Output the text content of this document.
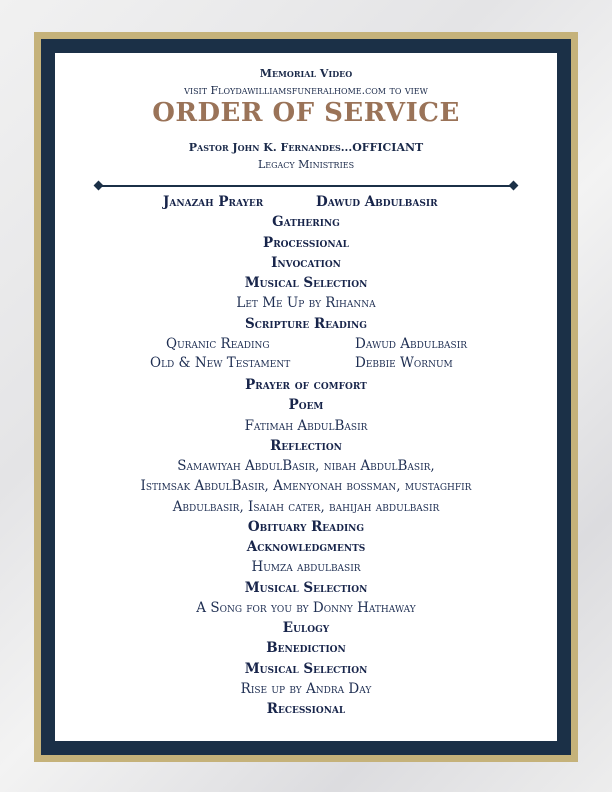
Memorial Video
visit Floydawilliamsfuneralhome.com to view
ORDER OF SERVICE
Pastor John K. Fernandes...OFFICIANT
Legacy Ministries
Janazah Prayer	Dawud Abdulbasir
Gathering
Processional
Invocation
Musical Selection
Let Me Up by Rihanna
Scripture Reading
Quranic Reading	Dawud Abdulbasir
Old & New Testament	Debbie Wornum
Prayer of comfort
Poem
Fatimah AbdulBasir
Reflection
Samawiyah AbdulBasir, nibah AbdulBasir,
Istimsak AbdulBasir, Amenyonah bossman, mustaghfir
Abdulbasir, Isaiah cater, bahijah abdulbasir
Obituary Reading
Acknowledgments
Humza abdulbasir
Musical Selection
A Song for you by Donny Hathaway
Eulogy
Benediction
Musical Selection
Rise up by Andra Day
Recessional
